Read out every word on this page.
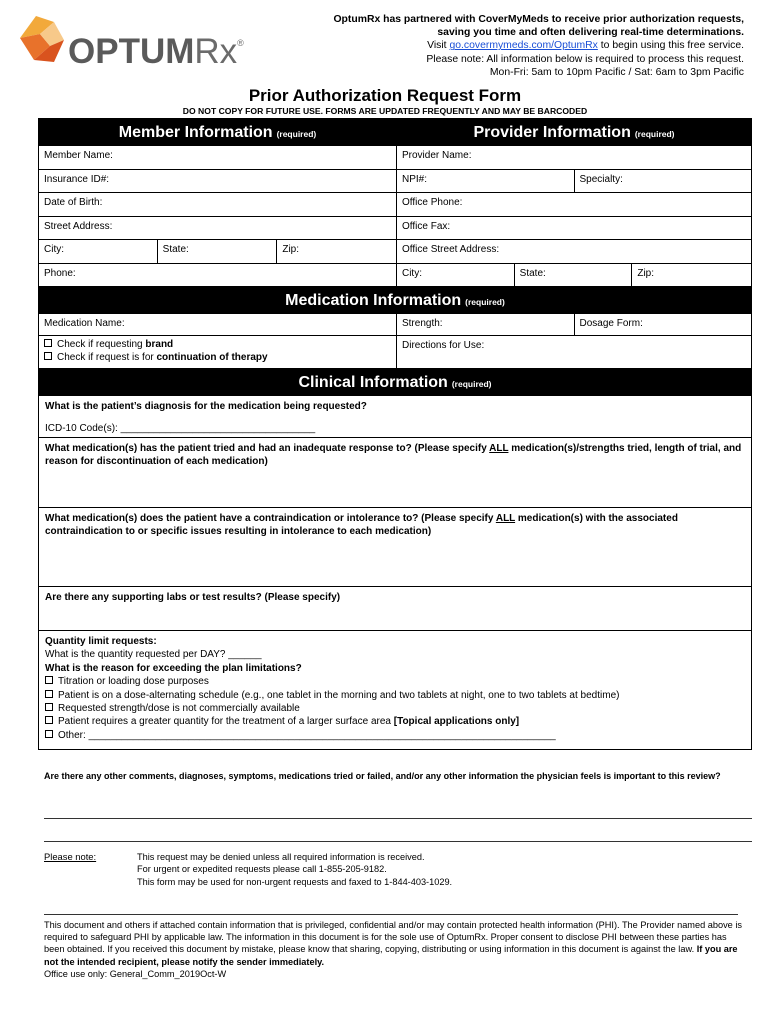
OPTUMRx®
OptumRx has partnered with CoverMyMeds to receive prior authorization requests,
saving you time and often delivering real-time determinations.
Visit go.covermymeds.com/OptumRx to begin using this free service.
Please note: All information below is required to process this request.
Mon-Fri: 5am to 10pm Pacific / Sat: 6am to 3pm Pacific
Prior Authorization Request Form
DO NOT COPY FOR FUTURE USE. FORMS ARE UPDATED FREQUENTLY AND MAY BE BARCODED
Member Information (required)	Provider Information (required)
Member Name:	Provider Name:
Insurance ID#:	NPI#:	Specialty:
Date of Birth:	Office Phone:
Street Address:	Office Fax:
City:	State:	Zip:	Office Street Address:
Phone:	City:	State:	Zip:
Medication Information (required)
Medication Name:	Strength:	Dosage Form:
Check if requesting brand
Check if request is for continuation of therapy
Directions for Use:
Clinical Information (required)
What is the patient’s diagnosis for the medication being requested?
ICD-10 Code(s): ___________________________________
What medication(s) has the patient tried and had an inadequate response to? (Please specify ALL medication(s)/strengths tried, length of trial, and reason for discontinuation of each medication)
What medication(s) does the patient have a contraindication or intolerance to? (Please specify ALL medication(s) with the associated contraindication to or specific issues resulting in intolerance to each medication)
Are there any supporting labs or test results? (Please specify)
Quantity limit requests:
What is the quantity requested per DAY? ______
What is the reason for exceeding the plan limitations?
Titration or loading dose purposes
Patient is on a dose-alternating schedule (e.g., one tablet in the morning and two tablets at night, one to two tablets at bedtime)
Requested strength/dose is not commercially available
Patient requires a greater quantity for the treatment of a larger surface area [Topical applications only]
Other: ____________________________________________________________________________________
Are there any other comments, diagnoses, symptoms, medications tried or failed, and/or any other information the physician feels is important to this review?
Please note:	This request may be denied unless all required information is received.
For urgent or expedited requests please call 1-855-205-9182.
This form may be used for non-urgent requests and faxed to 1-844-403-1029.
This document and others if attached contain information that is privileged, confidential and/or may contain protected health information (PHI). The Provider named above is required to safeguard PHI by applicable law. The information in this document is for the sole use of OptumRx. Proper consent to disclose PHI between these parties has been obtained. If you received this document by mistake, please know that sharing, copying, distributing or using information in this document is against the law. If you are not the intended recipient, please notify the sender immediately.
Office use only: General_Comm_2019Oct-W
